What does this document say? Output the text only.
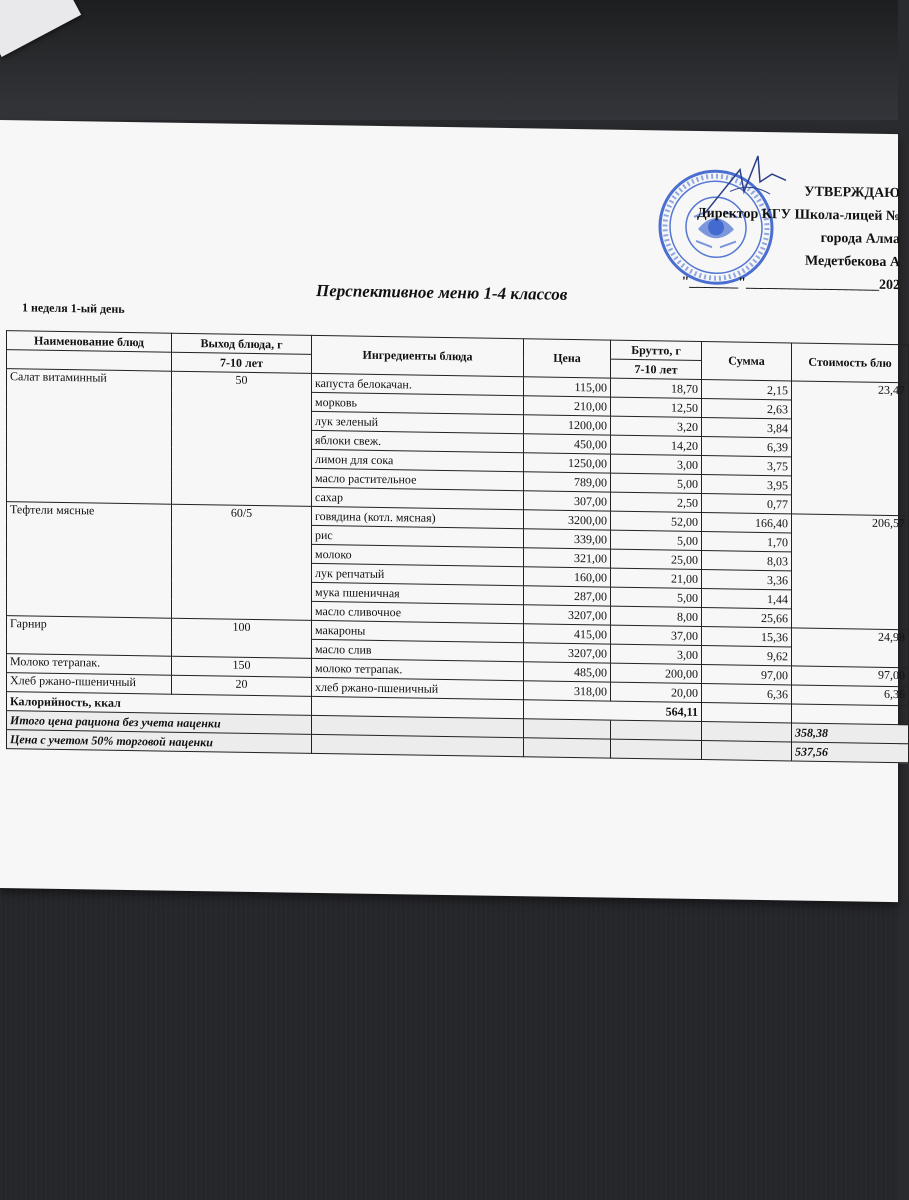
УТВЕРЖДАЮ
Директор КГУ Школа-лицей №
города Алма
Медетбекова А
"_______"___________________202
Перспективное меню 1-4 классов
1 неделя 1-ый день
Наименование блюд	Выход блюда, г	Ингредиенты блюда	Цена	Брутто, г	Сумма	Стоимость блю
	7-10 лет			7-10 лет		
Салат витаминный	50	капуста белокачан.	115,00	18,70	2,15	23,47
		морковь	210,00	12,50	2,63	
		лук зеленый	1200,00	3,20	3,84	
		яблоки свеж.	450,00	14,20	6,39	
		лимон для сока	1250,00	3,00	3,75	
		масло растительное	789,00	5,00	3,95	
		сахар	307,00	2,50	0,77	
Тефтели мясные	60/5	говядина (котл. мясная)	3200,00	52,00	166,40	206,57
		рис	339,00	5,00	1,70	
		молоко	321,00	25,00	8,03	
		лук репчатый	160,00	21,00	3,36	
		мука пшеничная	287,00	5,00	1,44	
		масло сливочное	3207,00	8,00	25,66	
Гарнир	100	макароны	415,00	37,00	15,36	24,98
		масло слив	3207,00	3,00	9,62	
Молоко тетрапак.	150	молоко тетрапак.	485,00	200,00	97,00	97,00
Хлеб ржано-пшеничный	20	хлеб ржано-пшеничный	318,00	20,00	6,36	6,36
Калорийность, ккал			564,11			
Итого цена рациона без учета наценки						358,38
Цена с учетом 50% торговой наценки						537,56
